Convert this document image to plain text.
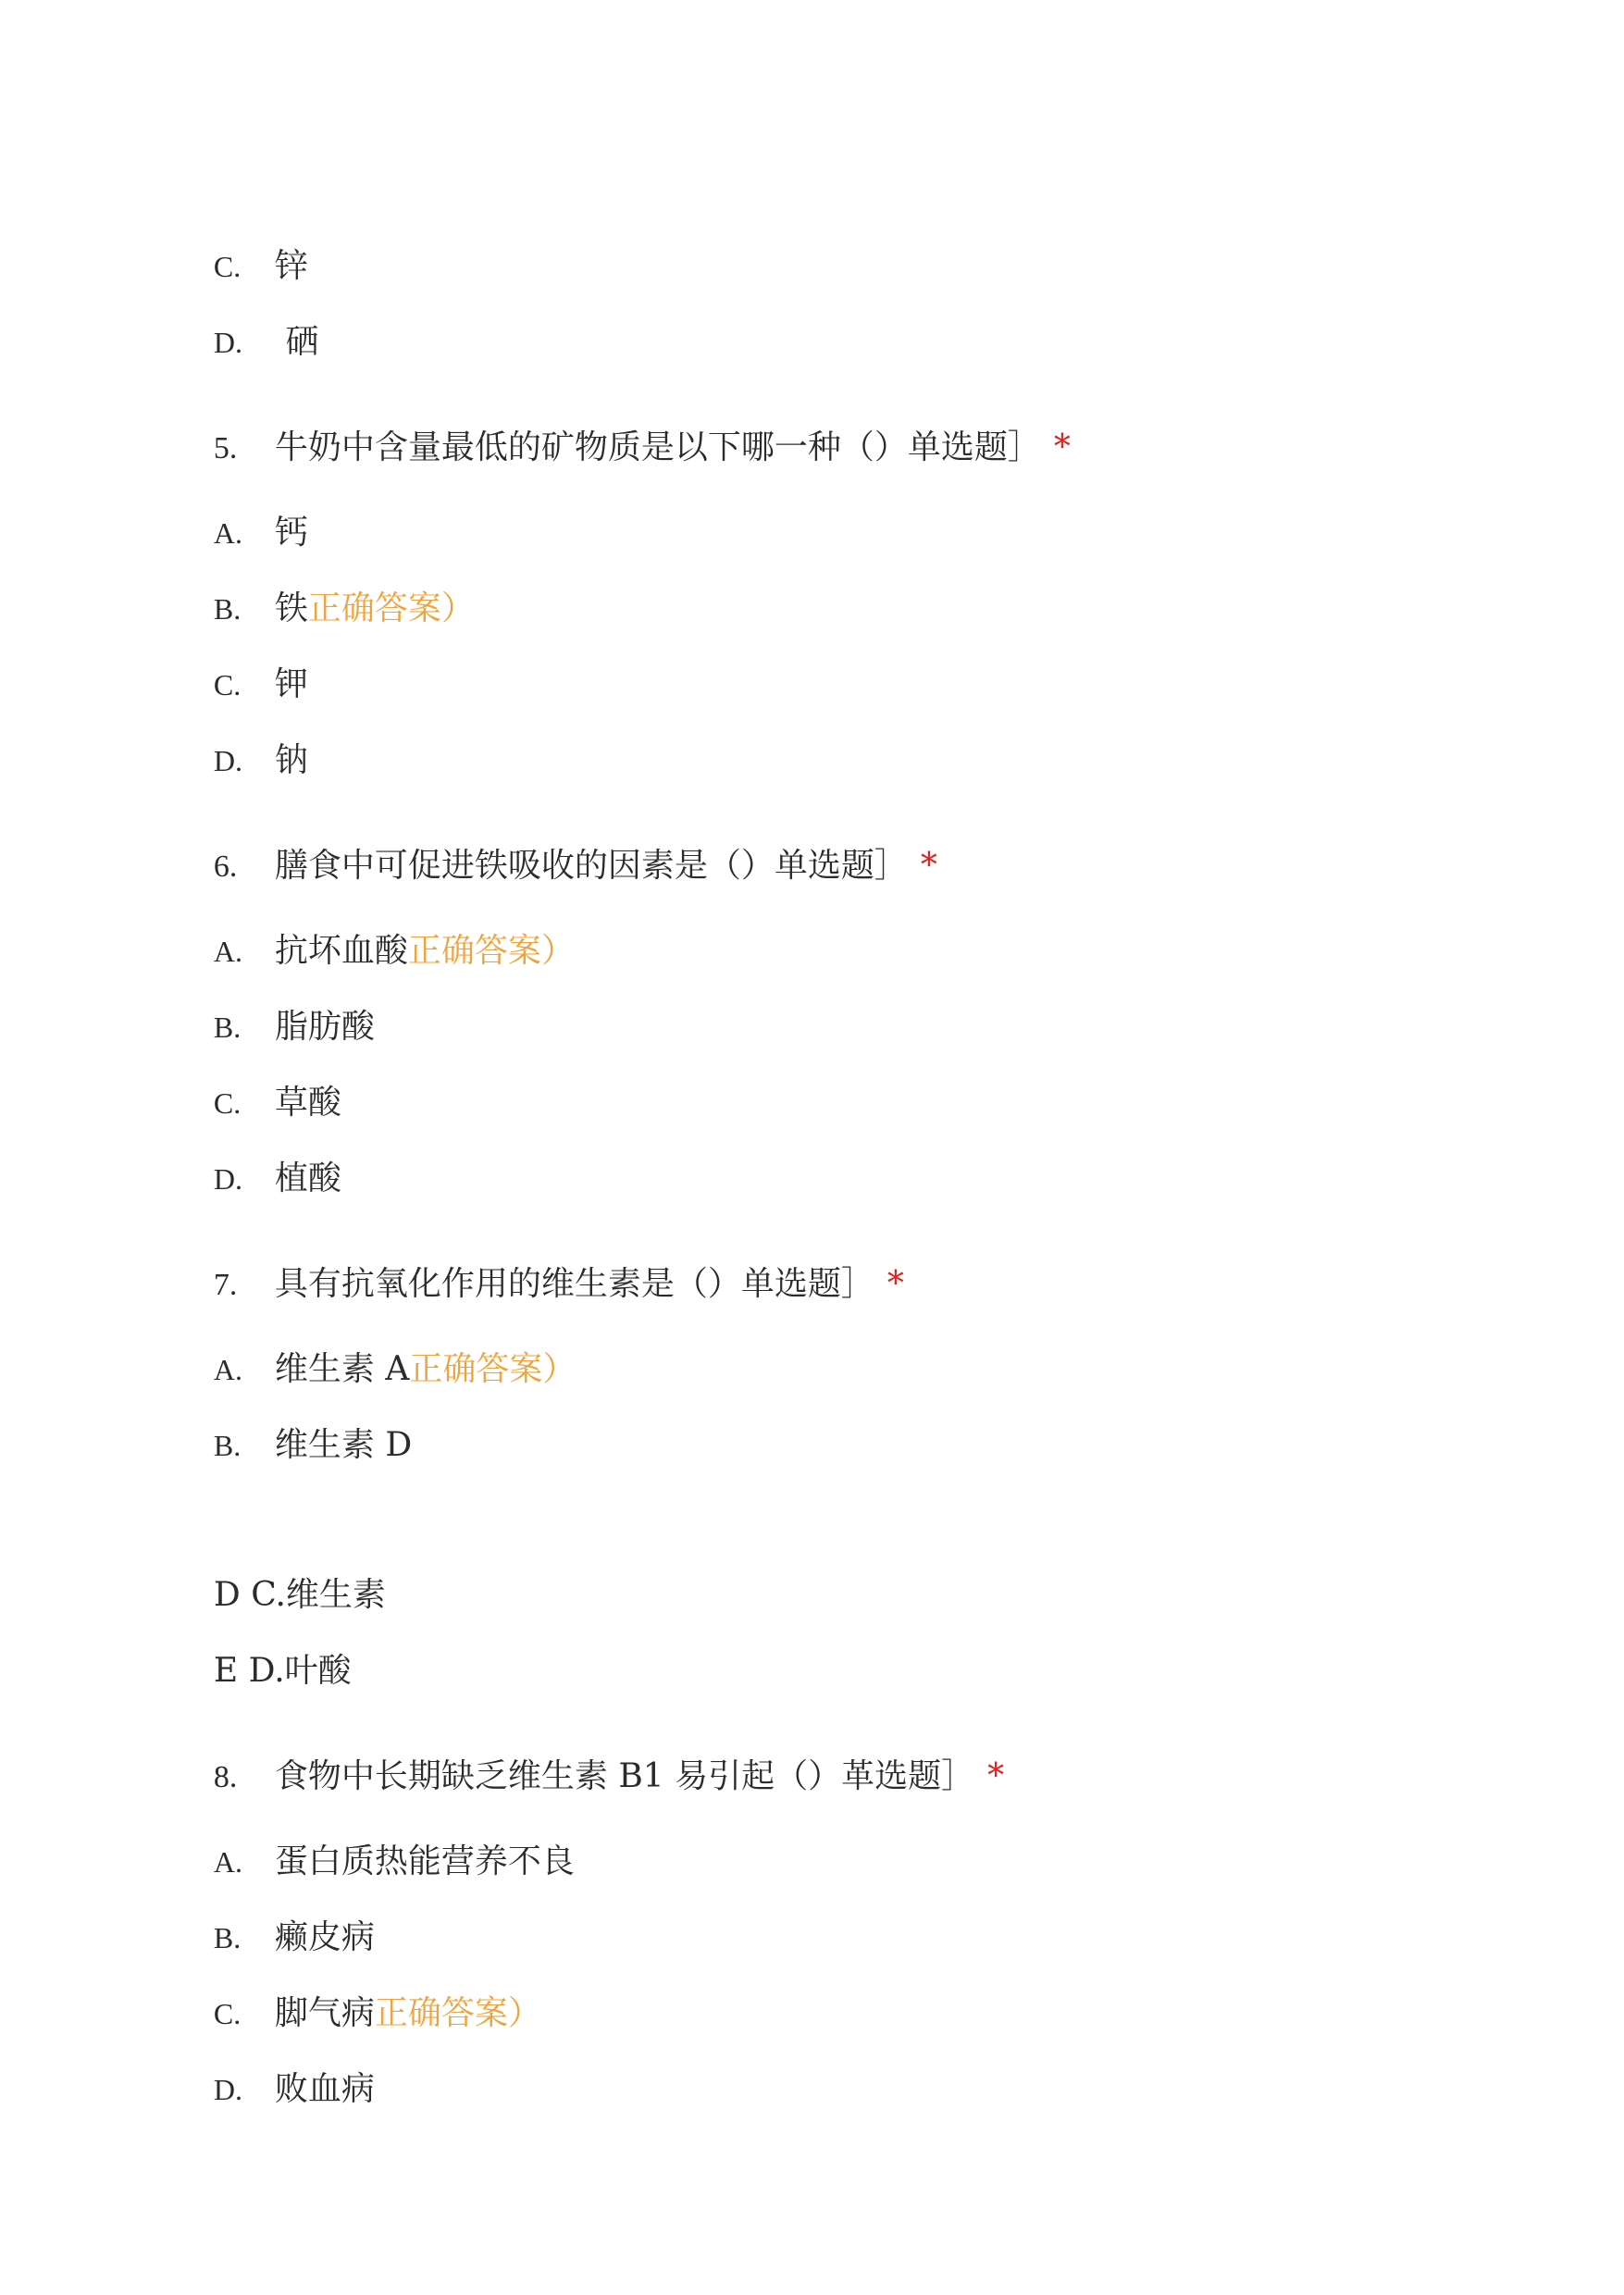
C. 锌

D. 硒

5. 牛奶中含量最低的矿物质是以下哪一种（）单选题］ *

A. 钙

B. 铁正确答案）

C. 钾

D. 钠

6. 膳食中可促进铁吸收的因素是（）单选题］ *

A. 抗坏血酸正确答案）

B. 脂肪酸

C. 草酸

D. 植酸

7. 具有抗氧化作用的维生素是（）单选题］ *

A. 维生素 A正确答案）

B. 维生素 D

D C.维生素

E D.叶酸

8. 食物中长期缺乏维生素 B1 易引起（）革选题］ *

A. 蛋白质热能营养不良

B. 癞皮病

C. 脚气病正确答案）

D. 败血病
